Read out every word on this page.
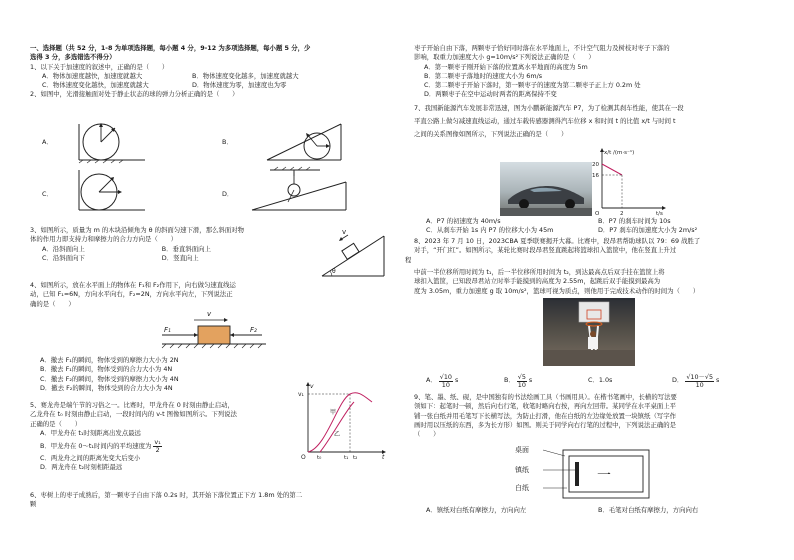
一、选择题（共 52 分，1-8 为单项选择题，每小题 4 分，9-12 为多项选择题，每小题 5 分，少
选得 3 分，多选错选不得分）
1、以下关于加速度的叙述中，正确的是（　　）
A．物体加速度越快，加速度就越大	B．物体速度变化越多，加速度就越大
C．物体速度变化越快，加速度就越大	D．物体速度为零，加速度也为零
2、如图中，光滑接触面对处于静止状态的球的弹力分析正确的是（　　）
A．	B．
C．	D．
3、如图所示，质量为 m 的木块沿倾角为 θ 的斜面匀速下滑，那么斜面对物
体的作用力即支持力和摩擦力的合力方向是（　　）
A．沿斜面向上	B．垂直斜面向上
C．沿斜面向下	D．竖直向上
v
θ
4、如图所示，放在水平面上的物体在 F₁和 F₂作用下，向右做匀速直线运
动，已知 F₁=6N，方向水平向右，F₂=2N，方向水平向左，下列说法正
确的是（　　）
v
F₁	F₂
A．撤去 F₁的瞬间，物体受到的摩擦力大小为 2N
B．撤去 F₁的瞬间，物体受到的合力大小为 4N
C．撤去 F₂的瞬间，物体受到的摩擦力大小为 4N
D．撤去 F₂的瞬间，物体受到的合力大小为 4N
5、赛龙舟是端午节的习俗之一。比赛时，甲龙舟在 0 时刻由静止启动，
乙龙舟在 t₀ 时刻由静止启动，一段时间内的 v-t 图像如图所示。下列说法
正确的是（　　）
A．甲龙舟在 t₁时刻距离出发点最远
B．甲龙舟在 0～t₁时间内的平均速度为 $\frac{\text{v₁}}{2}$
C．两龙舟之间的距离先变大后变小
D．两龙舟在 t₂时刻相距最远
v
t
O
v₁
甲
乙
t₀	t₁ t₂
6、枣树上的枣子成熟后，第一颗枣子自由下落 0.2s 时，其开始下落位置正下方 1.8m 处的第二
颗
枣子开始自由下落，两颗枣子恰好同时落在水平地面上，不计空气阻力及树枝对枣子下落的
影响，取重力加速度大小 g=10m/s²下列说法正确的是（　　）
A．第一颗枣子刚开始下落的位置离水平地面的高度为 5m
B．第二颗枣子落地时的速度大小为 6m/s
C．第二颗枣子开始下落时，第一颗枣子的速度为第二颗枣子正上方 0.2m 处
D．两颗枣子在空中运动时两者的距离保持不变
7、我国新能源汽车发展非常迅速，图为小鹏新能源汽车 P7，为了检测其刹车性能，使其在一段
平直公路上做匀减速直线运动，通过车载传感器测得汽车位移 x 和时间 t 的比值 x/t 与时间 t
之间的关系图像如图所示，下列说法正确的是（　　）
x/t /(m·s⁻¹)
20
16
2	t/s
O
A．P7 的初速度为 40m/s	B．P7 的刹车时间为 10s
C．从刹车开始 1s 内 P7 的位移大小为 45m	D．P7 刹车的加速度大小为 2m/s²
8、2023 年 7 月 10 日，2023CBA 夏季联赛揭开大幕。比赛中，段昂君帮助球队以 79：69 战胜了
对手，“开门红”。如图所示，某轮比赛时段昂君竖直跳起将篮球扣入篮筐中，他在竖直上升过
程
中前一半位移所用时间为 t₁，后一半位移所用时间为 t₂，到达最高点后双手挂在篮筐上将
球扣入篮筐，已知段昂君站立时举手能摸到的高度为 2.55m，起跳后双手能摸到最高为
度为 3.05m，重力加速度 g 取 10m/s²，篮球可视为质点，则他用于完成技术动作的时间为（　　）
A． $\frac{√10}{10}$ s	B． $\frac{√5}{10}$ s	C．1.0s	D． $\frac{√10-√5}{10}$ s
9、笔、墨、纸、砚，是中国独有的书法绘画工具（书画用具）。在楷书笔画中，长横的写法要
领如下：起笔时一顿，然后向右行笔，收笔时略向右按，再向左回带。某同学在水平桌面上平
铺一张白纸并用毛笔写下长横写法，为防止打滑，他在白纸的左边缘处放置一块镇纸（写字作
画时用以压纸的东西，多为长方形）如图。则关于同学向右行笔的过程中，下列说法正确的是
（　　）
桌面
镇纸
白纸
一
A．镇纸对白纸有摩擦力，方向向左	B．毛笔对白纸有摩擦力，方向向右
